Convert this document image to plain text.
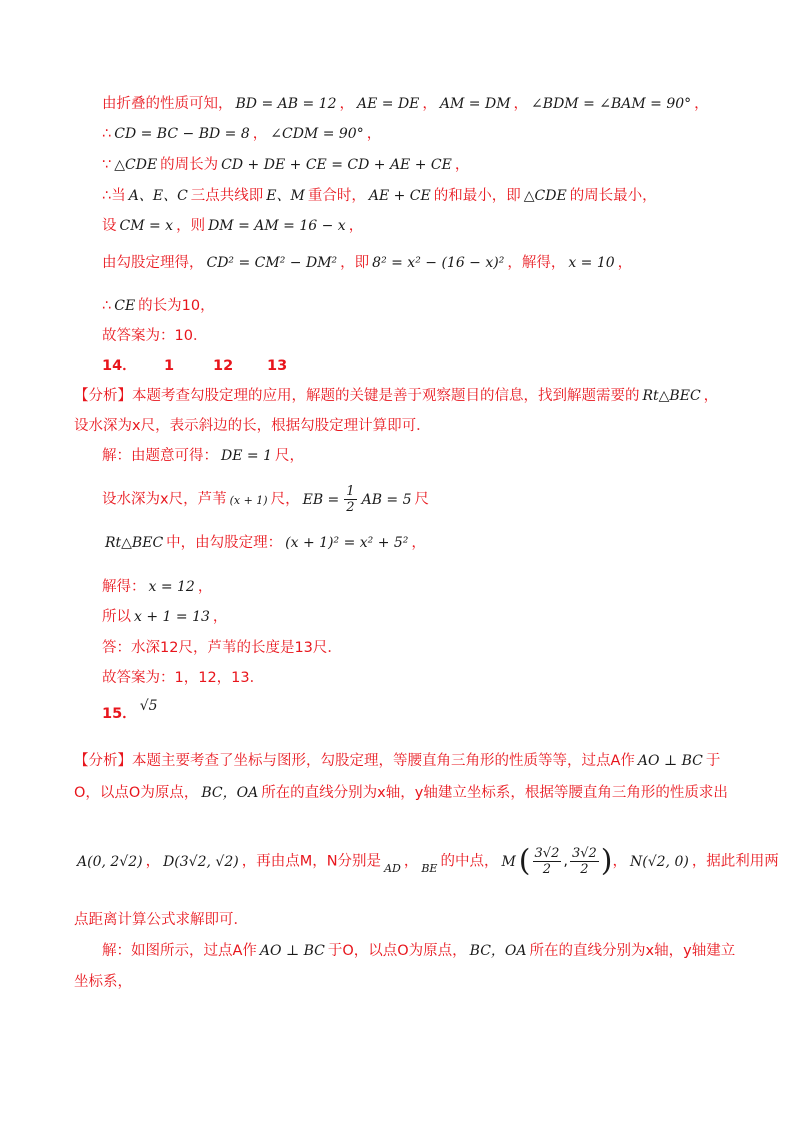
由折叠的性质可知， BD = AB = 12 ， AE = DE ， AM = DM ， ∠BDM = ∠BAM = 90° ，
∴ CD = BC − BD = 8 ， ∠CDM = 90° ，
∵ △CDE 的周长为 CD + DE + CE = CD + AE + CE ，
∴当 A、E、C 三点共线即 E、M 重合时， AE + CE 的和最小，即 △CDE 的周长最小，
设 CM = x ，则 DM = AM = 16 − x ，
由勾股定理得， CD² = CM² − DM² ，即 8² = x² − (16 − x)² ，解得， x = 10 ，
∴ CE 的长为10，
故答案为：10．
14． 1	12 13
【分析】本题考查勾股定理的应用，解题的关键是善于观察题目的信息，找到解题需要的 Rt△BEC ，
设水深为x尺，表示斜边的长，根据勾股定理计算即可．
解：由题意可得： DE = 1 尺，
设水深为x尺，芦苇 (x + 1) 尺， EB = $\frac{1}{2}$ AB = 5 尺
Rt△BEC 中，由勾股定理： (x + 1)² = x² + 5² ，
解得： x = 12 ，
所以 x + 1 = 13 ，
答：水深12尺，芦苇的长度是13尺．
故答案为：1，12，13．
15． √5
【分析】本题主要考查了坐标与图形，勾股定理，等腰直角三角形的性质等等，过点A作 AO ⊥ BC 于
O，以点O为原点， BC，OA 所在的直线分别为x轴，y轴建立坐标系，根据等腰直角三角形的性质求出
A(0, 2√2) ， D(3√2, √2) ，再由点M，N分别是 $_{AD}$ ， $_{BE}$ 的中点， M ( $\frac{3√2}{2}$ , $\frac{3√2}{2}$ )， N(√2, 0) ，据此利用两
点距离计算公式求解即可．
解：如图所示，过点A作 AO ⊥ BC 于O，以点O为原点， BC，OA 所在的直线分别为x轴，y轴建立
坐标系，
